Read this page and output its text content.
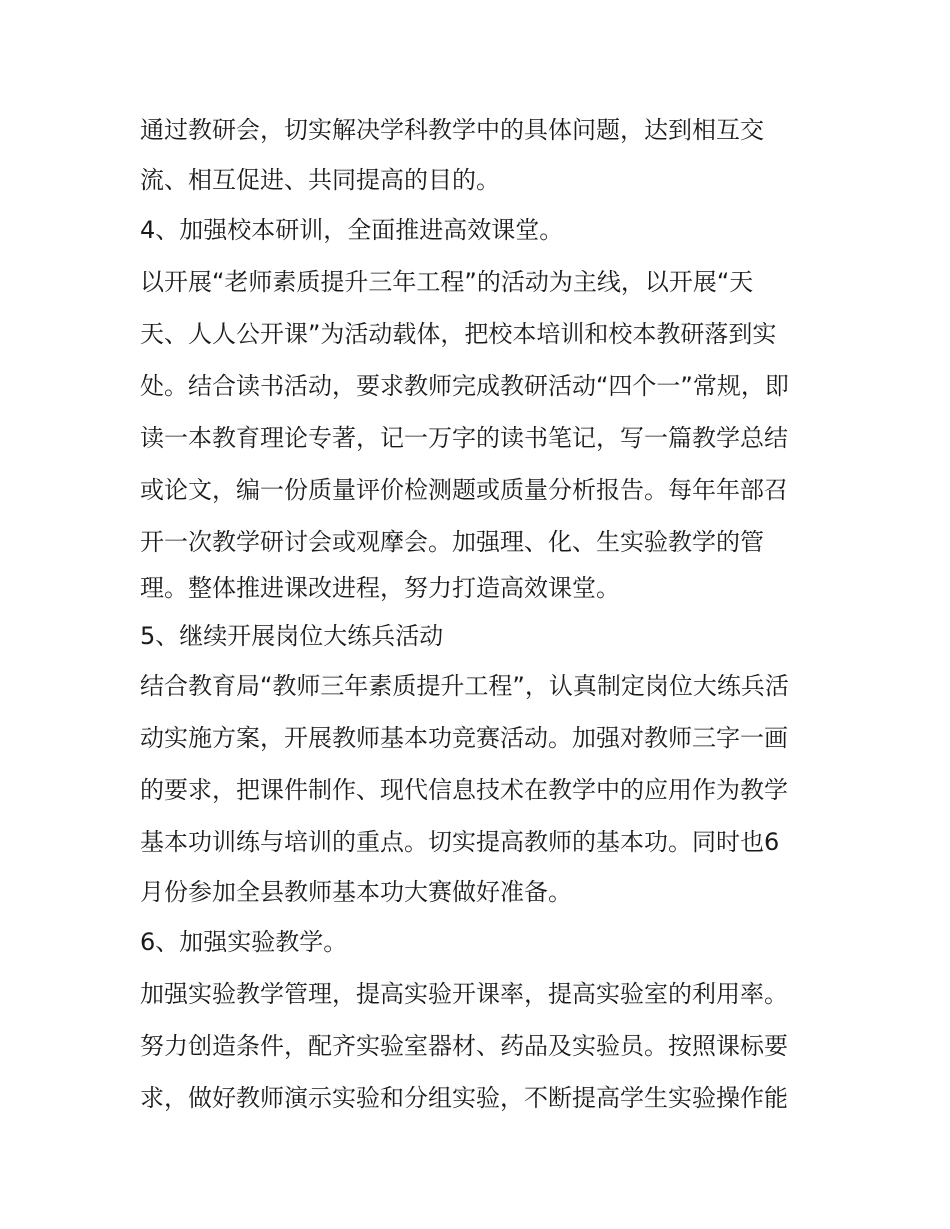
通过教研会，切实解决学科教学中的具体问题，达到相互交
流、相互促进、共同提高的目的。
4、加强校本研训，全面推进高效课堂。
以开展“老师素质提升三年工程”的活动为主线，以开展“天
天、人人公开课”为活动载体，把校本培训和校本教研落到实
处。结合读书活动，要求教师完成教研活动“四个一”常规，即
读一本教育理论专著，记一万字的读书笔记，写一篇教学总结
或论文，编一份质量评价检测题或质量分析报告。每年年部召
开一次教学研讨会或观摩会。加强理、化、生实验教学的管
理。整体推进课改进程，努力打造高效课堂。
5、继续开展岗位大练兵活动
结合教育局“教师三年素质提升工程”，认真制定岗位大练兵活
动实施方案，开展教师基本功竞赛活动。加强对教师三字一画
的要求，把课件制作、现代信息技术在教学中的应用作为教学
基本功训练与培训的重点。切实提高教师的基本功。同时也6
月份参加全县教师基本功大赛做好准备。
6、加强实验教学。
加强实验教学管理，提高实验开课率，提高实验室的利用率。
努力创造条件，配齐实验室器材、药品及实验员。按照课标要
求，做好教师演示实验和分组实验，不断提高学生实验操作能
